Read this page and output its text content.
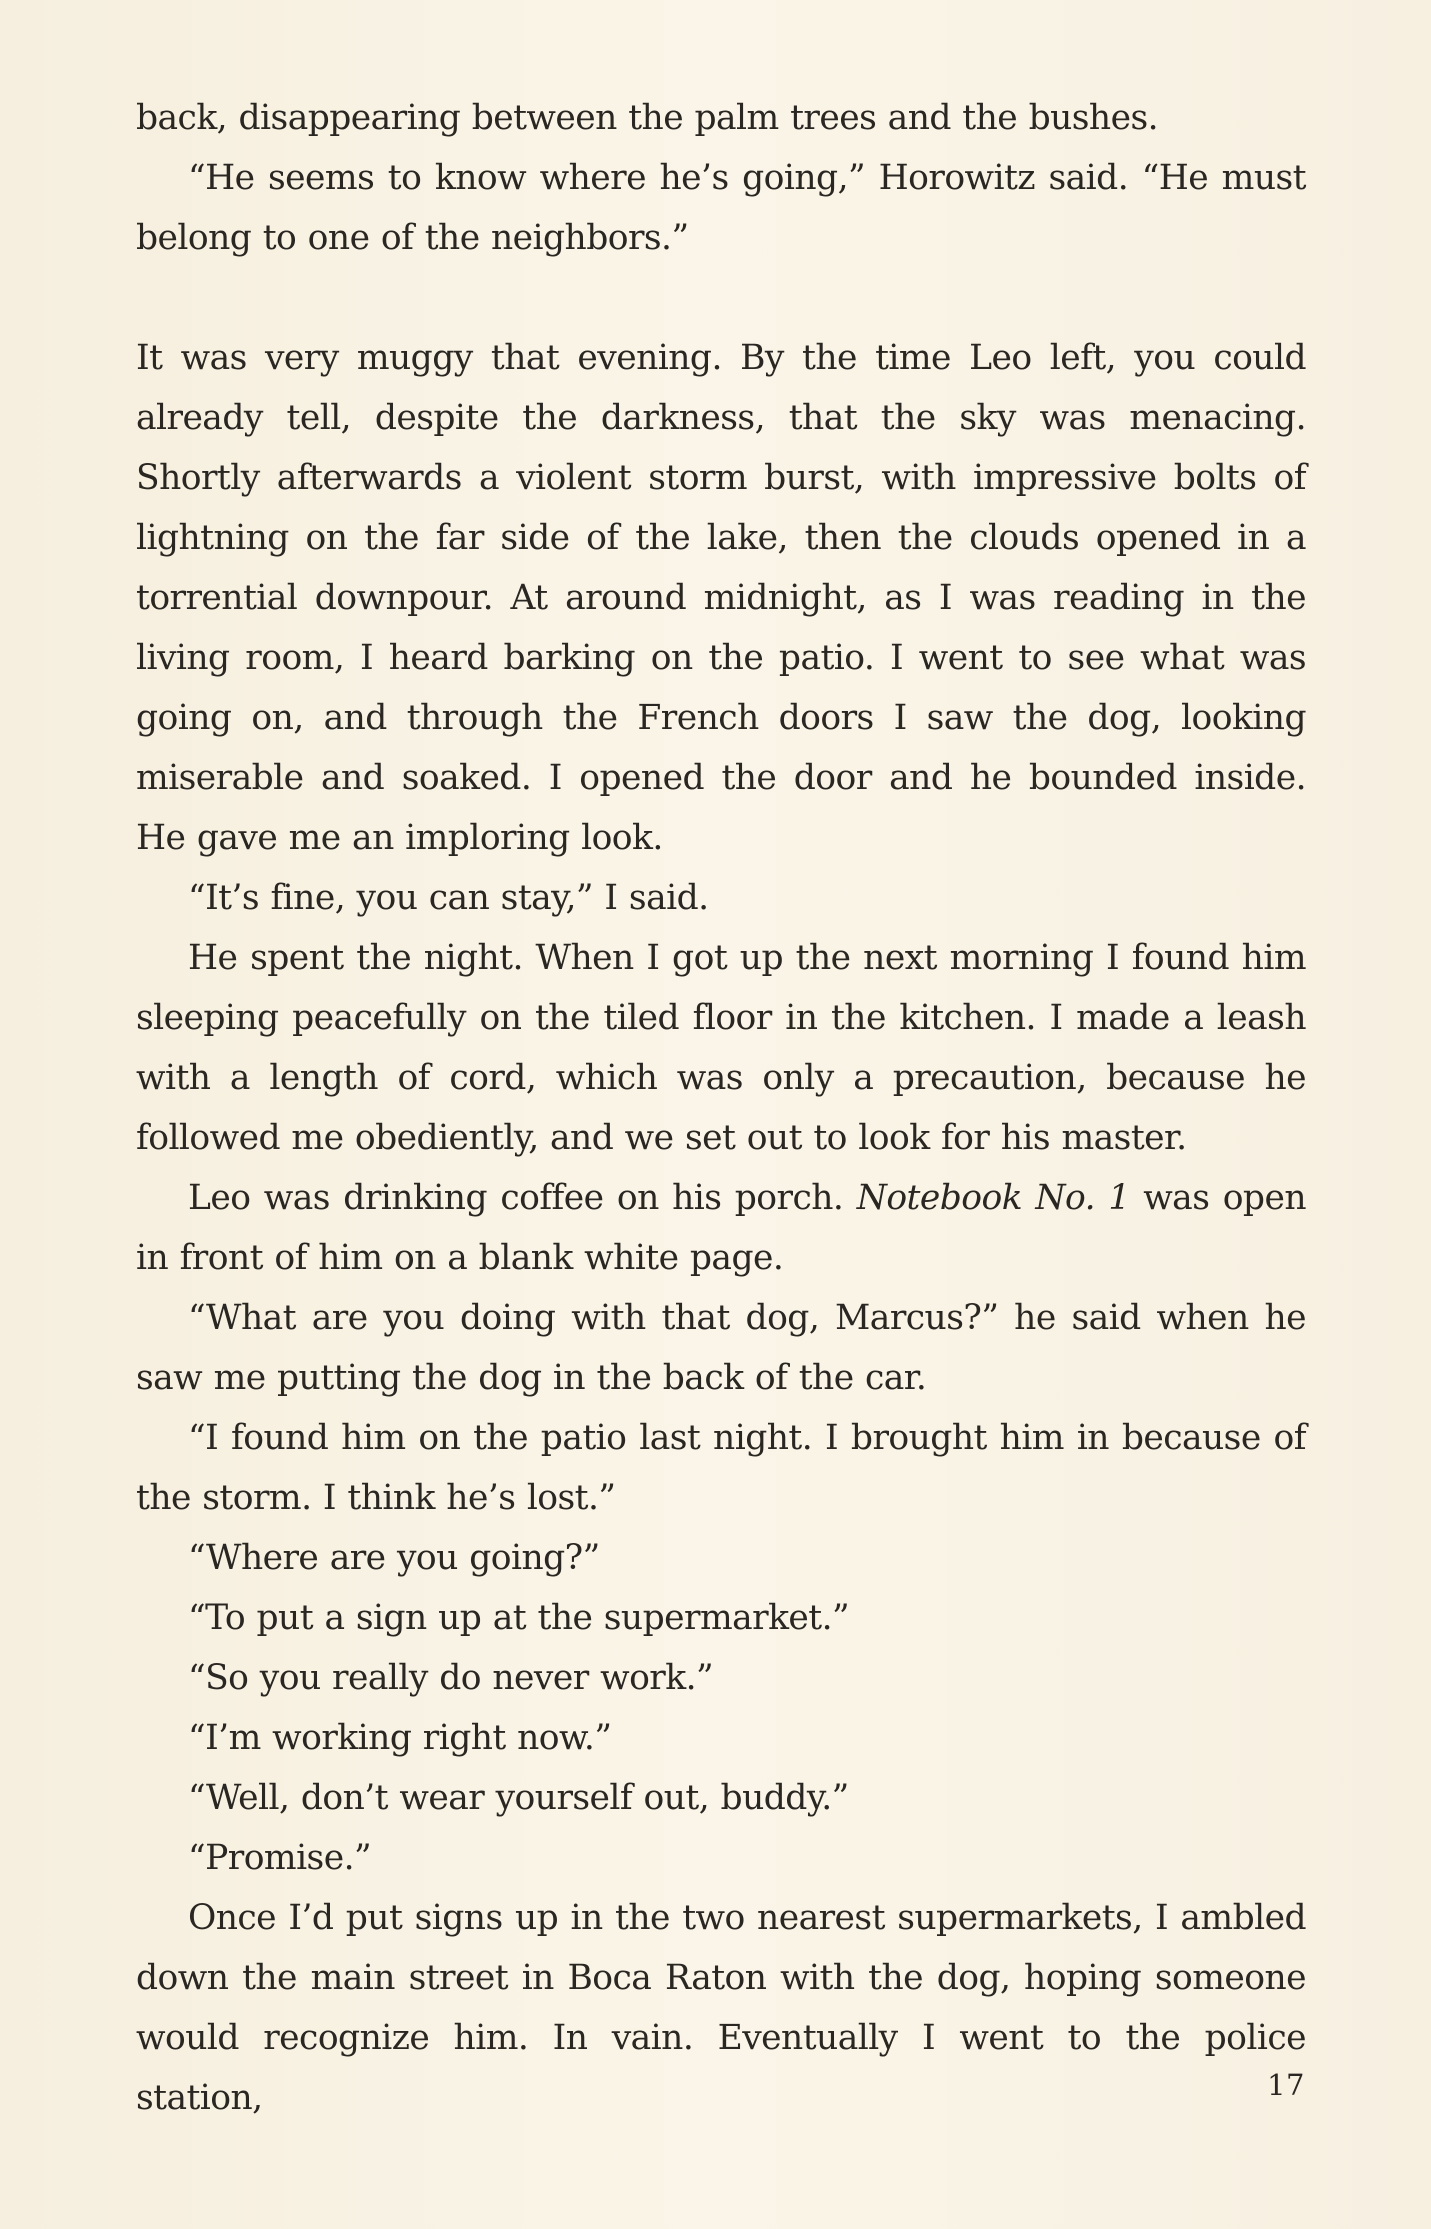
back, disappearing between the palm trees and the bushes.

“He seems to know where he’s going,” Horowitz said. “He must belong to one of the neighbors.”

It was very muggy that evening. By the time Leo left, you could already tell, despite the darkness, that the sky was menacing. Shortly afterwards a violent storm burst, with impressive bolts of lightning on the far side of the lake, then the clouds opened in a torrential downpour. At around midnight, as I was reading in the living room, I heard barking on the patio. I went to see what was going on, and through the French doors I saw the dog, looking miserable and soaked. I opened the door and he bounded inside. He gave me an imploring look.

“It’s fine, you can stay,” I said.

He spent the night. When I got up the next morning I found him sleeping peacefully on the tiled floor in the kitchen. I made a leash with a length of cord, which was only a precaution, because he followed me obediently, and we set out to look for his master.

Leo was drinking coffee on his porch. Notebook No. 1 was open in front of him on a blank white page.

“What are you doing with that dog, Marcus?” he said when he saw me putting the dog in the back of the car.

“I found him on the patio last night. I brought him in because of the storm. I think he’s lost.”

“Where are you going?”

“To put a sign up at the supermarket.”

“So you really do never work.”

“I’m working right now.”

“Well, don’t wear yourself out, buddy.”

“Promise.”

Once I’d put signs up in the two nearest supermarkets, I ambled down the main street in Boca Raton with the dog, hoping someone would recognize him. In vain. Eventually I went to the police station,	17
